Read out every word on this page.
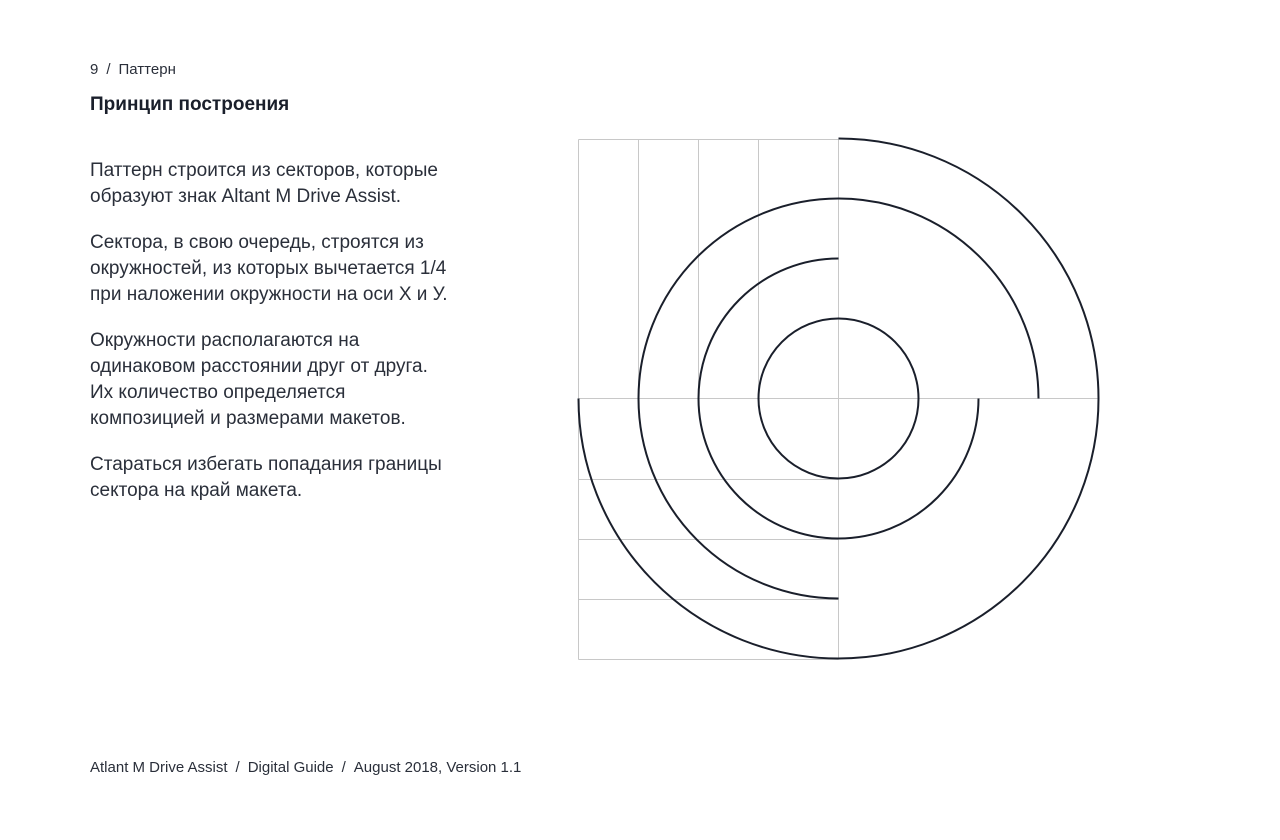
9 / Паттерн
Принцип построения

Паттерн строится из секторов, которые образуют знак Altant M Drive Assist.

Сектора, в свою очередь, строятся из окружностей, из которых вычетается 1/4 при наложении окружности на оси X и У.

Окружности располагаются на одинаковом расстоянии друг от друга. Их количество определяется композицией и размерами макетов.

Стараться избегать попадания границы сектора на край макета.

Atlant M Drive Assist / Digital Guide / August 2018, Version 1.1
